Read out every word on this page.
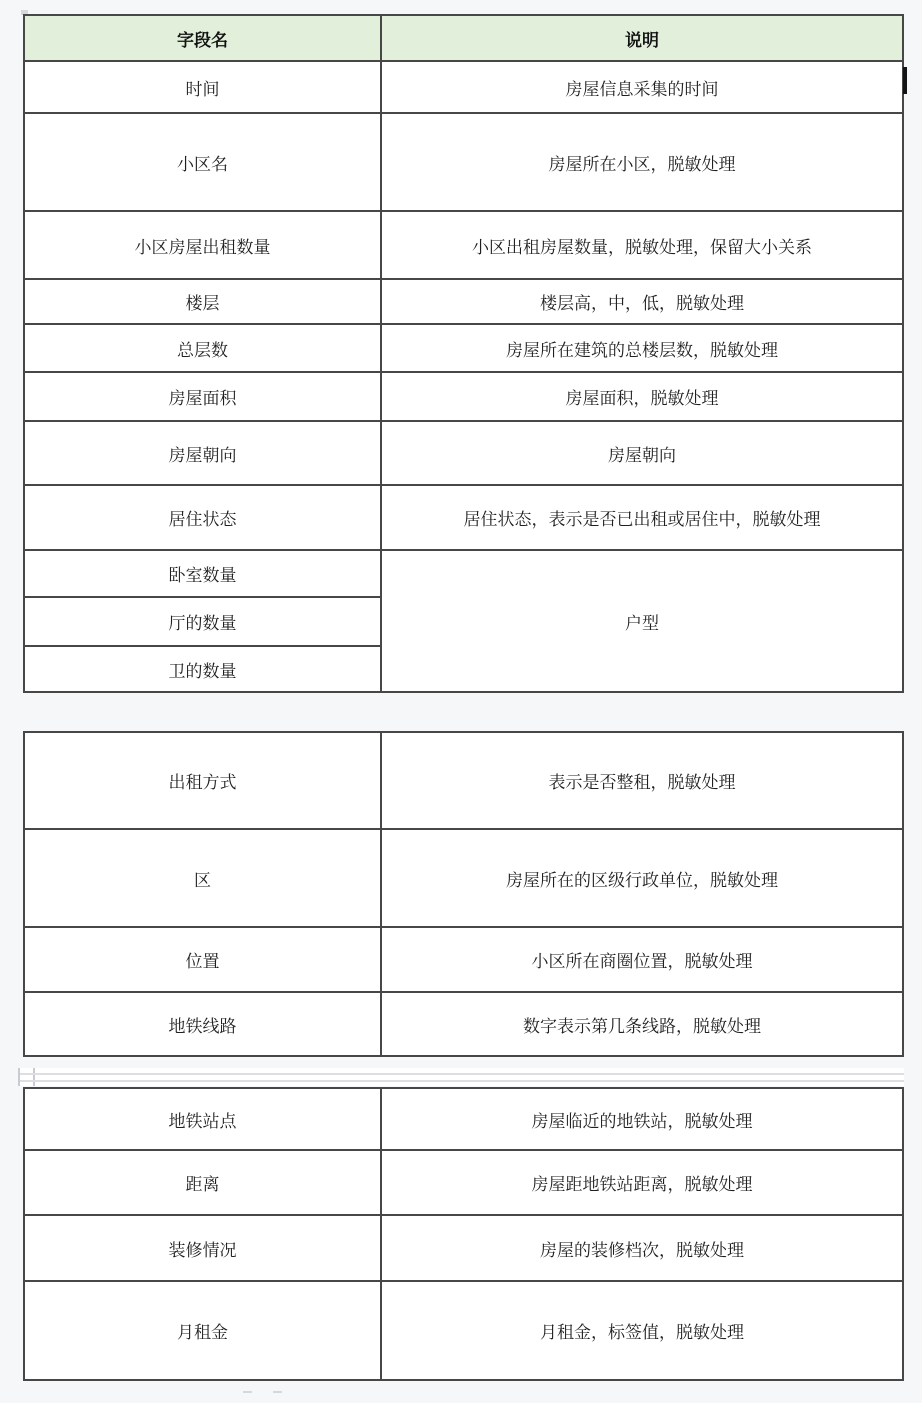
字段名	说明
时间	房屋信息采集的时间
小区名	房屋所在小区，脱敏处理
小区房屋出租数量	小区出租房屋数量，脱敏处理，保留大小关系
楼层	楼层高，中，低，脱敏处理
总层数	房屋所在建筑的总楼层数，脱敏处理
房屋面积	房屋面积，脱敏处理
房屋朝向	房屋朝向
居住状态	居住状态，表示是否已出租或居住中，脱敏处理
卧室数量	户型
厅的数量	
卫的数量	
出租方式	表示是否整租，脱敏处理
区	房屋所在的区级行政单位，脱敏处理
位置	小区所在商圈位置，脱敏处理
地铁线路	数字表示第几条线路，脱敏处理
地铁站点	房屋临近的地铁站，脱敏处理
距离	房屋距地铁站距离，脱敏处理
装修情况	房屋的装修档次，脱敏处理
月租金	月租金，标签值，脱敏处理
